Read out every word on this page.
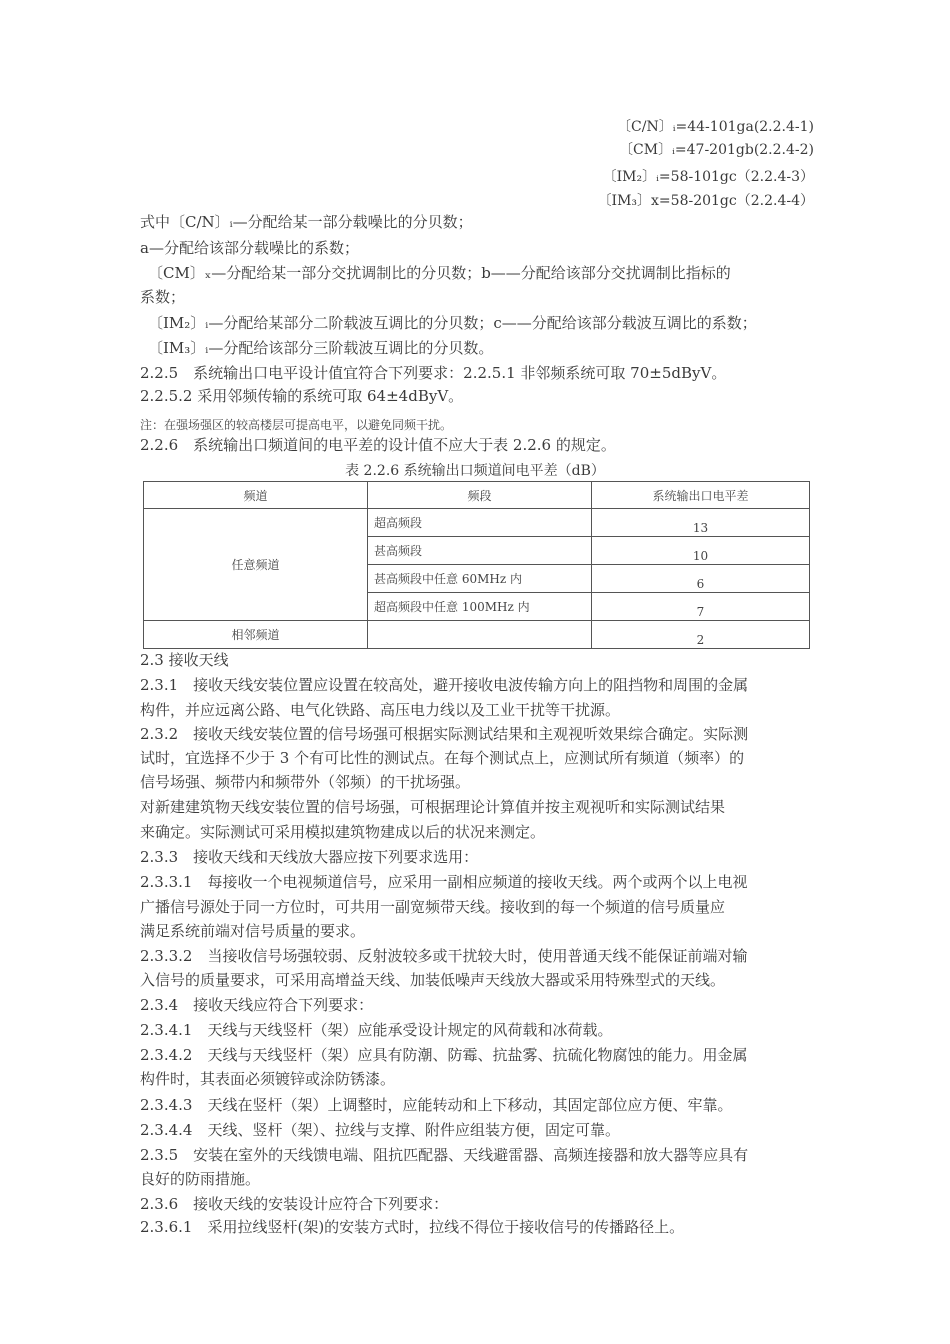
〔C/N〕ᵢ=44-101ga(2.2.4-1)
〔CM〕ᵢ=47-201gb(2.2.4-2)
〔IM₂〕ᵢ=58-101gc（2.2.4-3）
〔IM₃〕x=58-201gc（2.2.4-4）
式中〔C/N〕ᵢ—分配给某一部分载噪比的分贝数；
a—分配给该部分载噪比的系数；
〔CM〕ₓ—分配给某一部分交扰调制比的分贝数；b——分配给该部分交扰调制比指标的
系数；
〔IM₂〕ᵢ—分配给某部分二阶载波互调比的分贝数；c——分配给该部分载波互调比的系数；
〔IM₃〕ᵢ—分配给该部分三阶载波互调比的分贝数。
2.2.5　系统输出口电平设计值宜符合下列要求：2.2.5.1 非邻频系统可取 70±5dByV。
2.2.5.2 采用邻频传输的系统可取 64±4dByV。
注：在强场强区的较高楼层可提高电平，以避免同频干扰。
2.2.6　系统输出口频道间的电平差的设计值不应大于表 2.2.6 的规定。
表 2.2.6 系统输出口频道间电平差（dB）
频道	频段	系统输出口电平差
任意频道	超高频段	13
	甚高频段	10
	甚高频段中任意 60MHz 内	6
	超高频段中任意 100MHz 内	7
相邻频道		2
2.3 接收天线
2.3.1　接收天线安装位置应设置在较高处，避开接收电波传输方向上的阻挡物和周围的金属
构件，并应远离公路、电气化铁路、高压电力线以及工业干扰等干扰源。
2.3.2　接收天线安装位置的信号场强可根据实际测试结果和主观视听效果综合确定。实际测
试时，宜选择不少于 3 个有可比性的测试点。在每个测试点上，应测试所有频道（频率）的
信号场强、频带内和频带外（邻频）的干扰场强。
对新建建筑物天线安装位置的信号场强，可根据理论计算值并按主观视听和实际测试结果
来确定。实际测试可采用模拟建筑物建成以后的状况来测定。
2.3.3　接收天线和天线放大器应按下列要求选用：
2.3.3.1　每接收一个电视频道信号，应采用一副相应频道的接收天线。两个或两个以上电视
广播信号源处于同一方位时，可共用一副宽频带天线。接收到的每一个频道的信号质量应
满足系统前端对信号质量的要求。
2.3.3.2　当接收信号场强较弱、反射波较多或干扰较大时，使用普通天线不能保证前端对输
入信号的质量要求，可采用高增益天线、加装低噪声天线放大器或采用特殊型式的天线。
2.3.4　接收天线应符合下列要求：
2.3.4.1　天线与天线竖杆（架）应能承受设计规定的风荷载和冰荷载。
2.3.4.2　天线与天线竖杆（架）应具有防潮、防霉、抗盐雾、抗硫化物腐蚀的能力。用金属
构件时，其表面必须镀锌或涂防锈漆。
2.3.4.3　天线在竖杆（架）上调整时，应能转动和上下移动，其固定部位应方便、牢靠。
2.3.4.4　天线、竖杆（架）、拉线与支撑、附件应组装方便，固定可靠。
2.3.5　安装在室外的天线馈电端、阻抗匹配器、天线避雷器、高频连接器和放大器等应具有
良好的防雨措施。
2.3.6　接收天线的安装设计应符合下列要求：
2.3.6.1　采用拉线竖杆(架)的安装方式时，拉线不得位于接收信号的传播路径上。
